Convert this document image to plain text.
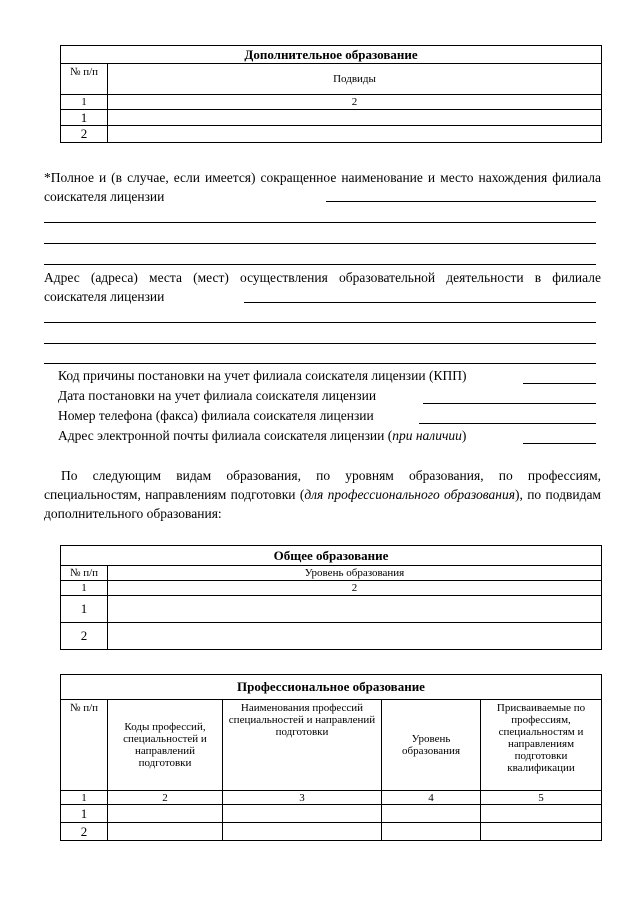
Дополнительное образование	
№ п/п	Подвиды
1	2
1	
2	
*Полное и (в случае, если имеется) сокращенное наименование и место нахождения филиала соискателя лицензии
Адрес (адреса) места (мест) осуществления образовательной деятельности в филиале соискателя лицензии
Код причины постановки на учет филиала соискателя лицензии (КПП)
Дата постановки на учет филиала соискателя лицензии
Номер телефона (факса) филиала соискателя лицензии
Адрес электронной почты филиала соискателя лицензии (при наличии)
По следующим видам образования, по уровням образования, по профессиям, специальностям, направлениям подготовки (для профессионального образования), по подвидам дополнительного образования:
Общее образование	
№ п/п	Уровень образования
1	2
1	
2	
Профессиональное образование				
№ п/п	Коды профессий, специальностей и направлений подготовки	Наименования профессий специальностей и направлений подготовки	Уровень образования	Присваиваемые по профессиям, специальностям и направлениям подготовки квалификации
1	2	3	4	5
1				
2				
